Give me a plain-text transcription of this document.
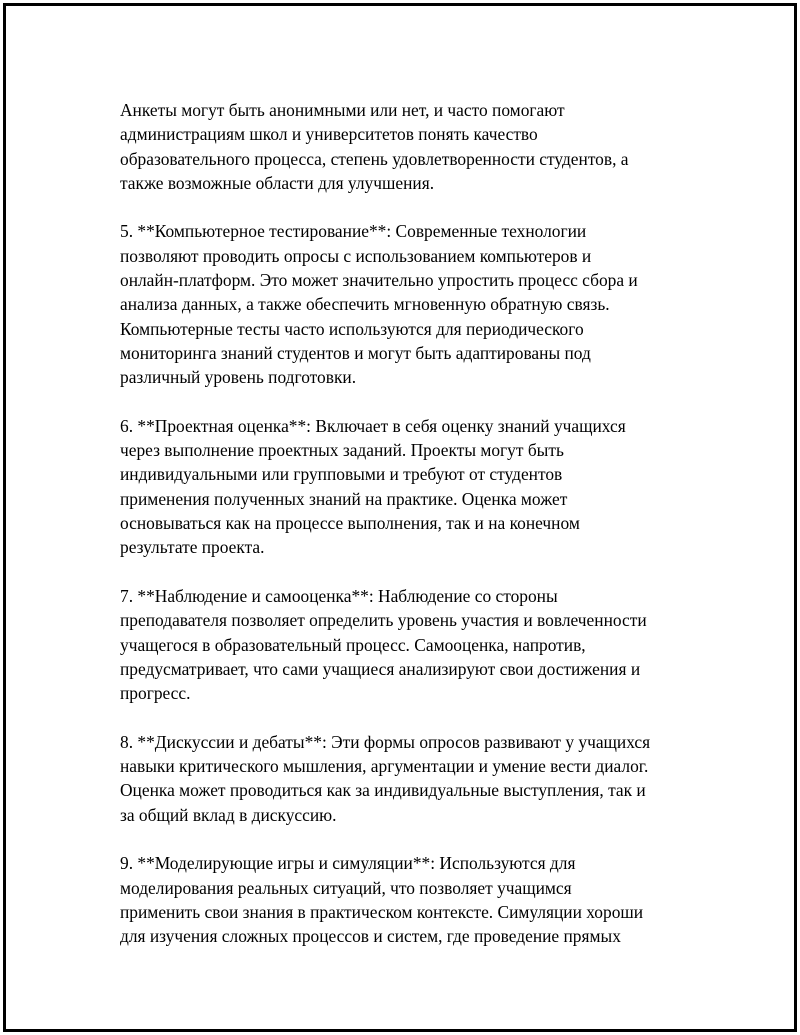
Анкеты могут быть анонимными или нет, и часто помогают
администрациям школ и университетов понять качество
образовательного процесса, степень удовлетворенности студентов, а
также возможные области для улучшения.

5. **Компьютерное тестирование**: Современные технологии
позволяют проводить опросы с использованием компьютеров и
онлайн-платформ. Это может значительно упростить процесс сбора и
анализа данных, а также обеспечить мгновенную обратную связь.
Компьютерные тесты часто используются для периодического
мониторинга знаний студентов и могут быть адаптированы под
различный уровень подготовки.

6. **Проектная оценка**: Включает в себя оценку знаний учащихся
через выполнение проектных заданий. Проекты могут быть
индивидуальными или групповыми и требуют от студентов
применения полученных знаний на практике. Оценка может
основываться как на процессе выполнения, так и на конечном
результате проекта.

7. **Наблюдение и самооценка**: Наблюдение со стороны
преподавателя позволяет определить уровень участия и вовлеченности
учащегося в образовательный процесс. Самооценка, напротив,
предусматривает, что сами учащиеся анализируют свои достижения и
прогресс.

8. **Дискуссии и дебаты**: Эти формы опросов развивают у учащихся
навыки критического мышления, аргументации и умение вести диалог.
Оценка может проводиться как за индивидуальные выступления, так и
за общий вклад в дискуссию.

9. **Моделирующие игры и симуляции**: Используются для
моделирования реальных ситуаций, что позволяет учащимся
применить свои знания в практическом контексте. Симуляции хороши
для изучения сложных процессов и систем, где проведение прямых
